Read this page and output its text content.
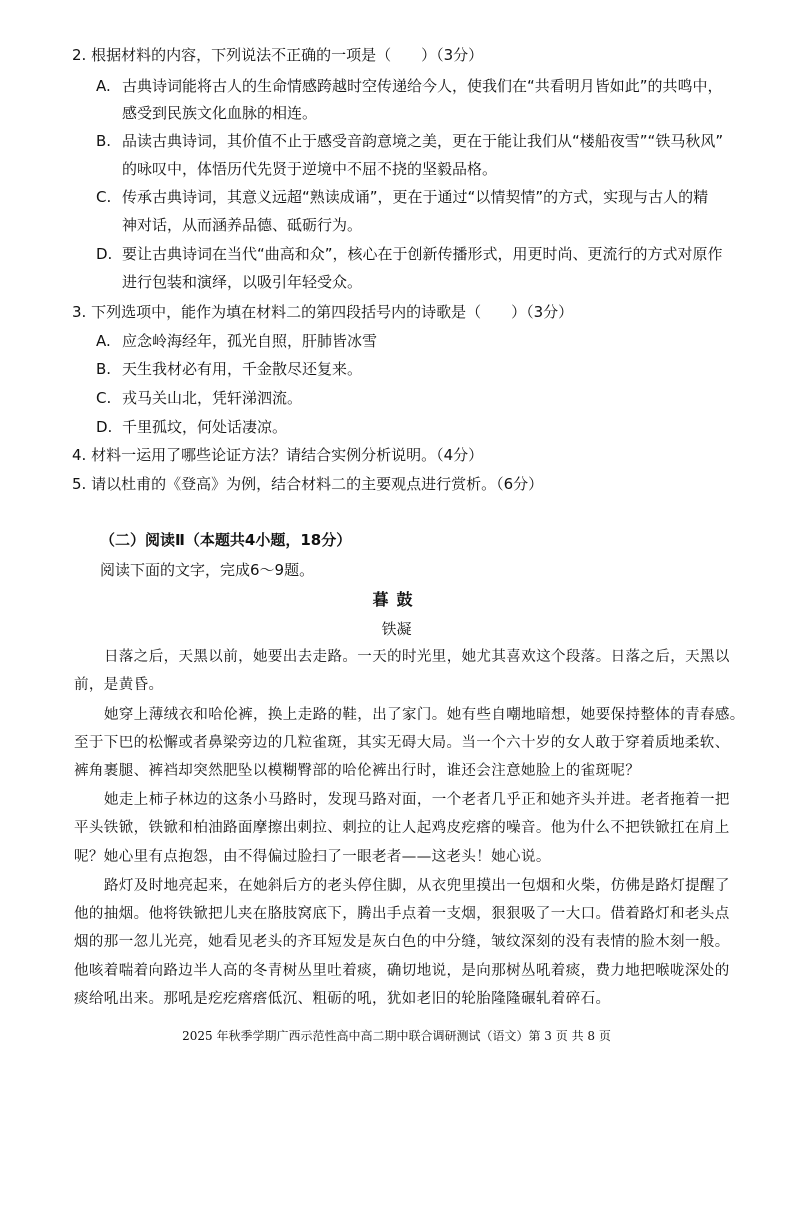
2. 根据材料的内容，下列说法不正确的一项是（　　）（3分）
A. 古典诗词能将古人的生命情感跨越时空传递给今人，使我们在“共看明月皆如此”的共鸣中，
感受到民族文化血脉的相连。
B. 品读古典诗词，其价值不止于感受音韵意境之美，更在于能让我们从“楼船夜雪”“铁马秋风”
的咏叹中，体悟历代先贤于逆境中不屈不挠的坚毅品格。
C. 传承古典诗词，其意义远超“熟读成诵”，更在于通过“以情契情”的方式，实现与古人的精
神对话，从而涵养品德、砥砺行为。
D. 要让古典诗词在当代“曲高和众”，核心在于创新传播形式，用更时尚、更流行的方式对原作
进行包装和演绎，以吸引年轻受众。
3. 下列选项中，能作为填在材料二的第四段括号内的诗歌是（　　）（3分）
A. 应念岭海经年，孤光自照，肝肺皆冰雪
B. 天生我材必有用，千金散尽还复来。
C. 戎马关山北，凭轩涕泗流。
D. 千里孤坟，何处话凄凉。
4. 材料一运用了哪些论证方法？请结合实例分析说明。（4分）
5. 请以杜甫的《登高》为例，结合材料二的主要观点进行赏析。（6分）
（二）阅读Ⅱ（本题共4小题，18分）
阅读下面的文字，完成6～9题。
暮鼓
铁凝
日落之后，天黑以前，她要出去走路。一天的时光里，她尤其喜欢这个段落。日落之后，天黑以
前，是黄昏。
她穿上薄绒衣和哈伦裤，换上走路的鞋，出了家门。她有些自嘲地暗想，她要保持整体的青春感。
至于下巴的松懈或者鼻梁旁边的几粒雀斑，其实无碍大局。当一个六十岁的女人敢于穿着质地柔软、
裤角裹腿、裤裆却突然肥坠以模糊臀部的哈伦裤出行时，谁还会注意她脸上的雀斑呢？
她走上柿子林边的这条小马路时，发现马路对面，一个老者几乎正和她齐头并进。老者拖着一把
平头铁锨，铁锨和柏油路面摩擦出刺拉、刺拉的让人起鸡皮疙瘩的噪音。他为什么不把铁锨扛在肩上
呢？她心里有点抱怨，由不得偏过脸扫了一眼老者——这老头！她心说。
路灯及时地亮起来，在她斜后方的老头停住脚，从衣兜里摸出一包烟和火柴，仿佛是路灯提醒了
他的抽烟。他将铁锨把儿夹在胳肢窝底下，腾出手点着一支烟，狠狠吸了一大口。借着路灯和老头点
烟的那一忽儿光亮，她看见老头的齐耳短发是灰白色的中分缝，皱纹深刻的没有表情的脸木刻一般。
他咳着喘着向路边半人高的冬青树丛里吐着痰，确切地说，是向那树丛吼着痰，费力地把喉咙深处的
痰给吼出来。那吼是疙疙瘩瘩低沉、粗砺的吼，犹如老旧的轮胎隆隆碾轧着碎石。
2025 年秋季学期广西示范性高中高二期中联合调研测试（语文）第 3 页 共 8 页
